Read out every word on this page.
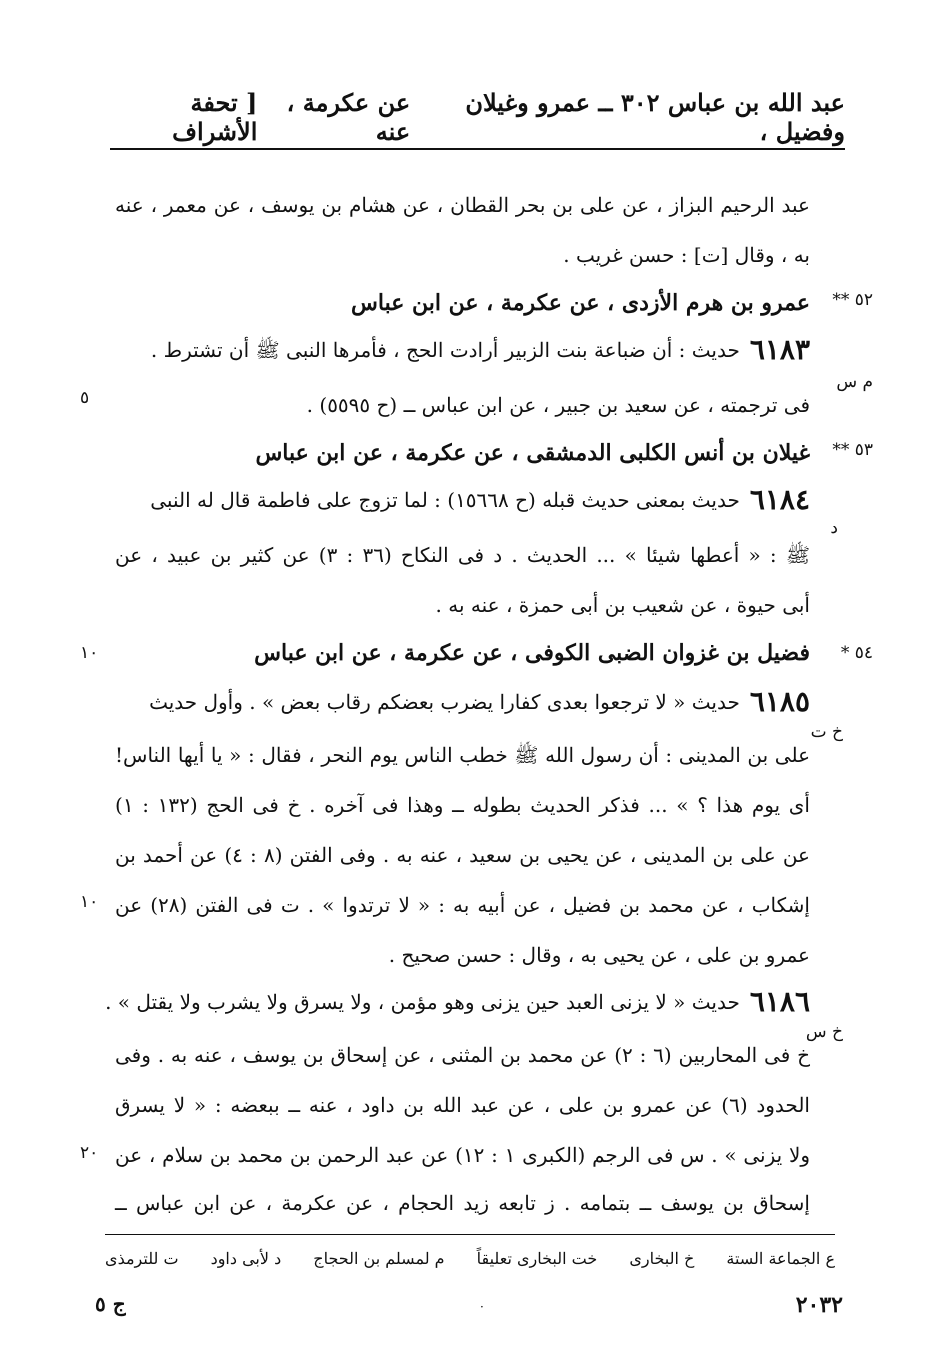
عبد الله بن عباس ٣٠٢ ــ عمرو وغيلان وفضيل ،
عن عكرمة ، عنه
[ تحفة الأشراف
عبد الرحيم البزاز ، عن على بن بحر القطان ، عن هشام بن يوسف ، عن معمر ، عنه
به ، وقال [ت] : حسن غريب .
٥٢ **
عمرو بن هرم الأزدى ، عن عكرمة ، عن ابن عباس
٦١٨٣
حديث : أن ضباعة بنت الزبير أرادت الحج ، فأمرها النبى ﷺ أن تشترط .
م س
٥	فى ترجمته ، عن سعيد بن جبير ، عن ابن عباس ــ (ح ٥٥٩٥) .
٥٣ **
غيلان بن أنس الكلبى الدمشقى ، عن عكرمة ، عن ابن عباس
٦١٨٤
حديث بمعنى حديث قبله (ح ١٥٦٦٨) : لما تزوج على فاطمة قال له النبى
د
ﷺ : « أعطها شيئا » ... الحديث . د فى النكاح (٣٦ : ٣) عن كثير بن عبيد ، عن
أبى حيوة ، عن شعيب بن أبى حمزة ، عنه به .
٥٤ *
١٠	فضيل بن غزوان الضبى الكوفى ، عن عكرمة ، عن ابن عباس
٦١٨٥
حديث « لا ترجعوا بعدى كفارا يضرب بعضكم رقاب بعض » . وأول حديث
خ ت
على بن المدينى : أن رسول الله ﷺ خطب الناس يوم النحر ، فقال : « يا أيها الناس!
أى يوم هذا ؟ » ... فذكر الحديث بطوله ــ وهذا فى آخره . خ فى الحج (١٣٢ : ١)
عن على بن المدينى ، عن يحيى بن سعيد ، عنه به . وفى الفتن (٨ : ٤) عن أحمد بن
١٠ إشكاب ، عن محمد بن فضيل ، عن أبيه به : « لا ترتدوا » . ت فى الفتن (٢٨) عن
عمرو بن على ، عن يحيى به ، وقال : حسن صحيح .
٦١٨٦
حديث « لا يزنى العبد حين يزنى وهو مؤمن ، ولا يسرق ولا يشرب ولا يقتل » .
خ س
خ فى المحاربين (٦ : ٢) عن محمد بن المثنى ، عن إسحاق بن يوسف ، عنه به . وفى
الحدود (٦) عن عمرو بن على ، عن عبد الله بن داود ، عنه ــ ببعضه : « لا يسرق
٢٠ ولا يزنى » . س فى الرجم (الكبرى ١ : ١٢) عن عبد الرحمن بن محمد بن سلام ، عن
إسحاق بن يوسف ــ بتمامه . ز تابعه زيد الحجام ، عن عكرمة ، عن ابن عباس ــ
ع الجماعة الستة
خ البخارى
خت البخارى تعليقاً
م لمسلم بن الحجاج
د لأبى داود
ت للترمذى
٢٠٣٢
ج ٥	·
